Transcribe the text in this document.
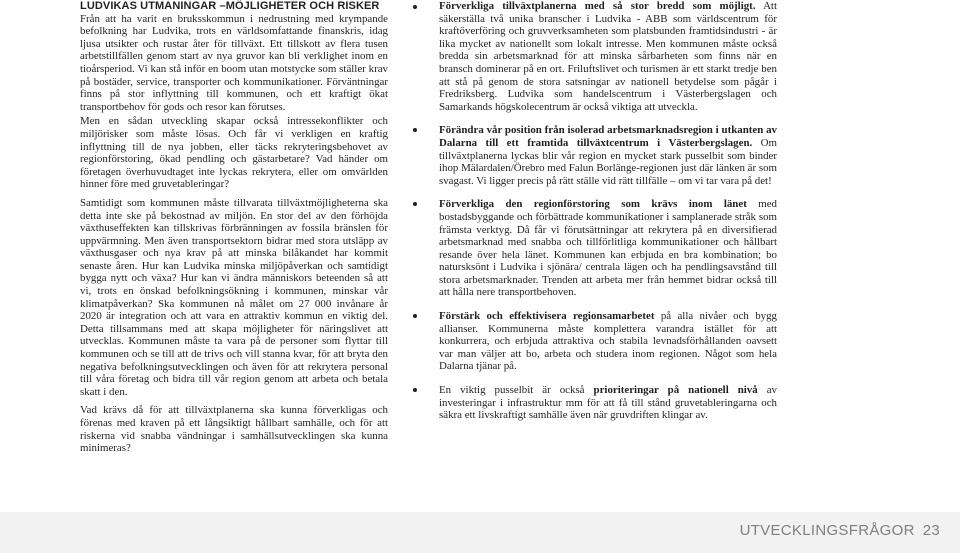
LUDVIKAS UTMANINGAR –MÖJLIGHETER OCH RISKER

Från att ha varit en bruksskommun i nedrustning med krympande befolkning har Ludvika, trots en världsomfattande finanskris, idag ljusa utsikter och rustar åter för tillväxt. Ett tillskott av flera tusen arbetstillfällen genom start av nya gruvor kan bli verklighet inom en tioårsperiod. Vi kan stå inför en boom utan motstycke som ställer krav på bostäder, service, transporter och kommunikationer. Förväntningar finns på stor inflyttning till kommunen, och ett kraftigt ökat transportbehov för gods och resor kan förutses.

Men en sådan utveckling skapar också intressekonflikter och miljörisker som måste lösas. Och får vi verkligen en kraftig inflyttning till de nya jobben, eller täcks rekryteringsbehovet av regionförstoring, ökad pendling och gästarbetare? Vad händer om företagen överhuvudtaget inte lyckas rekrytera, eller om omvärlden hinner före med gruvetableringar?

Samtidigt som kommunen måste tillvarata tillväxtmöjligheterna ska detta inte ske på bekostnad av miljön. En stor del av den förhöjda växthuseffekten kan tillskrivas förbränningen av fossila bränslen för uppvärmning. Men även transportsektorn bidrar med stora utsläpp av växthusgaser och nya krav på att minska bilåkandet har kommit senaste åren. Hur kan Ludvika minska miljöpåverkan och samtidigt bygga nytt och växa? Hur kan vi ändra människors beteenden så att vi, trots en önskad befolkningsökning i kommunen, minskar vår klimatpåverkan? Ska kommunen nå målet om 27 000 invånare år 2020 är integration och att vara en attraktiv kommun en viktig del. Detta tillsammans med att skapa möjligheter för näringslivet att utvecklas. Kommunen måste ta vara på de personer som flyttar till kommunen och se till att de trivs och vill stanna kvar, för att bryta den negativa befolkningsutvecklingen och även för att rekrytera personal till våra företag och bidra till vår region genom att arbeta och betala skatt i den.

Vad krävs då för att tillväxtplanerna ska kunna förverkligas och förenas med kraven på ett långsiktigt hållbart samhälle, och för att riskerna vid snabba vändningar i samhällsutvecklingen ska kunna minimeras?

Förverkliga tillväxtplanerna med så stor bredd som möjligt. Att säkerställa två unika branscher i Ludvika - ABB som världscentrum för kraftöverföring och gruvverksamheten som platsbunden framtidsindustri - är lika mycket av nationellt som lokalt intresse. Men kommunen måste också bredda sin arbetsmarknad för att minska sårbarheten som finns när en bransch dominerar på en ort. Friluftslivet och turismen är ett starkt tredje ben att stå på genom de stora satsningar av nationell betydelse som pågår i Fredriksberg. Ludvika som handelscentrum i Västerbergslagen och Samarkands högskolecentrum är också viktiga att utveckla.
Förändra vår position från isolerad arbetsmarknadsregion i utkanten av Dalarna till ett framtida tillväxtcentrum i Västerbergslagen. Om tillväxtplanerna lyckas blir vår region en mycket stark pusselbit som binder ihop Mälardalen/Örebro med Falun Borlänge-regionen just där länken är som svagast. Vi ligger precis på rätt ställe vid rätt tillfälle – om vi tar vara på det!
Förverkliga den regionförstoring som krävs inom länet med bostadsbyggande och förbättrade kommunikationer i samplanerade stråk som främsta verktyg. Då får vi förutsättningar att rekrytera på en diversifierad arbetsmarknad med snabba och tillförlitliga kommunikationer och hållbart resande över hela länet. Kommunen kan erbjuda en bra kombination; bo natursksönt i Ludvika i sjönära/ centrala lägen och ha pendlingsavstånd till stora arbetsmarknader. Trenden att arbeta mer från hemmet bidrar också till att hålla nere transportbehoven.
Förstärk och effektivisera regionsamarbetet på alla nivåer och bygg allianser. Kommunerna måste komplettera varandra istället för att konkurrera, och erbjuda attraktiva och stabila levnadsförhållanden oavsett var man väljer att bo, arbeta och studera inom regionen. Något som hela Dalarna tjänar på.
En viktig pusselbit är också prioriteringar på nationell nivå av investeringar i infrastruktur mm för att få till stånd gruvetableringarna och säkra ett livskraftigt samhälle även när gruvdriften klingar av.
UTVECKLINGSFRÅGOR 23
